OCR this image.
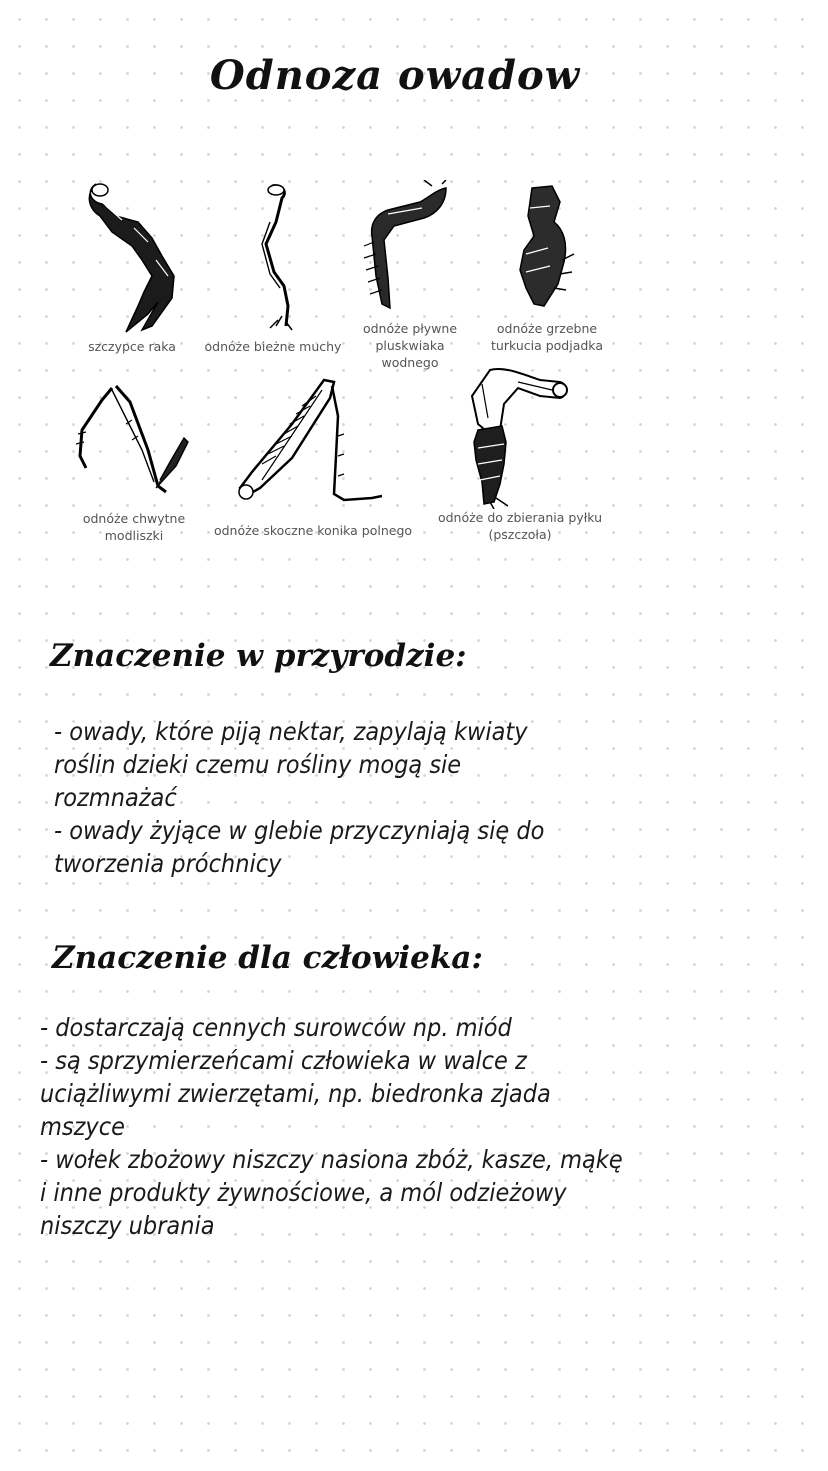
Odnoza owadow
szczypce raka	odnóże bieżne muchy
odnóże pływne
pluskwiaka wodnego
odnóże grzebne
turkucia podjadka
odnóże chwytne
modliszki	odnóże skoczne konika polnego
odnóże do zbierania pyłku
(pszczoła)
Znaczenie w przyrodzie:
- owady, które piją nektar, zapylają kwiaty
roślin dzieki czemu rośliny mogą sie
rozmnażać
- owady żyjące w glebie przyczyniają się do
tworzenia próchnicy
Znaczenie dla człowieka:
- dostarczają cennych surowców np. miód
- są sprzymierzeńcami człowieka w walce z
uciążliwymi zwierzętami, np. biedronka zjada
mszyce
- wołek zbożowy niszczy nasiona zbóż, kasze, mąkę
i inne produkty żywnościowe, a mól odzieżowy
niszczy ubrania
